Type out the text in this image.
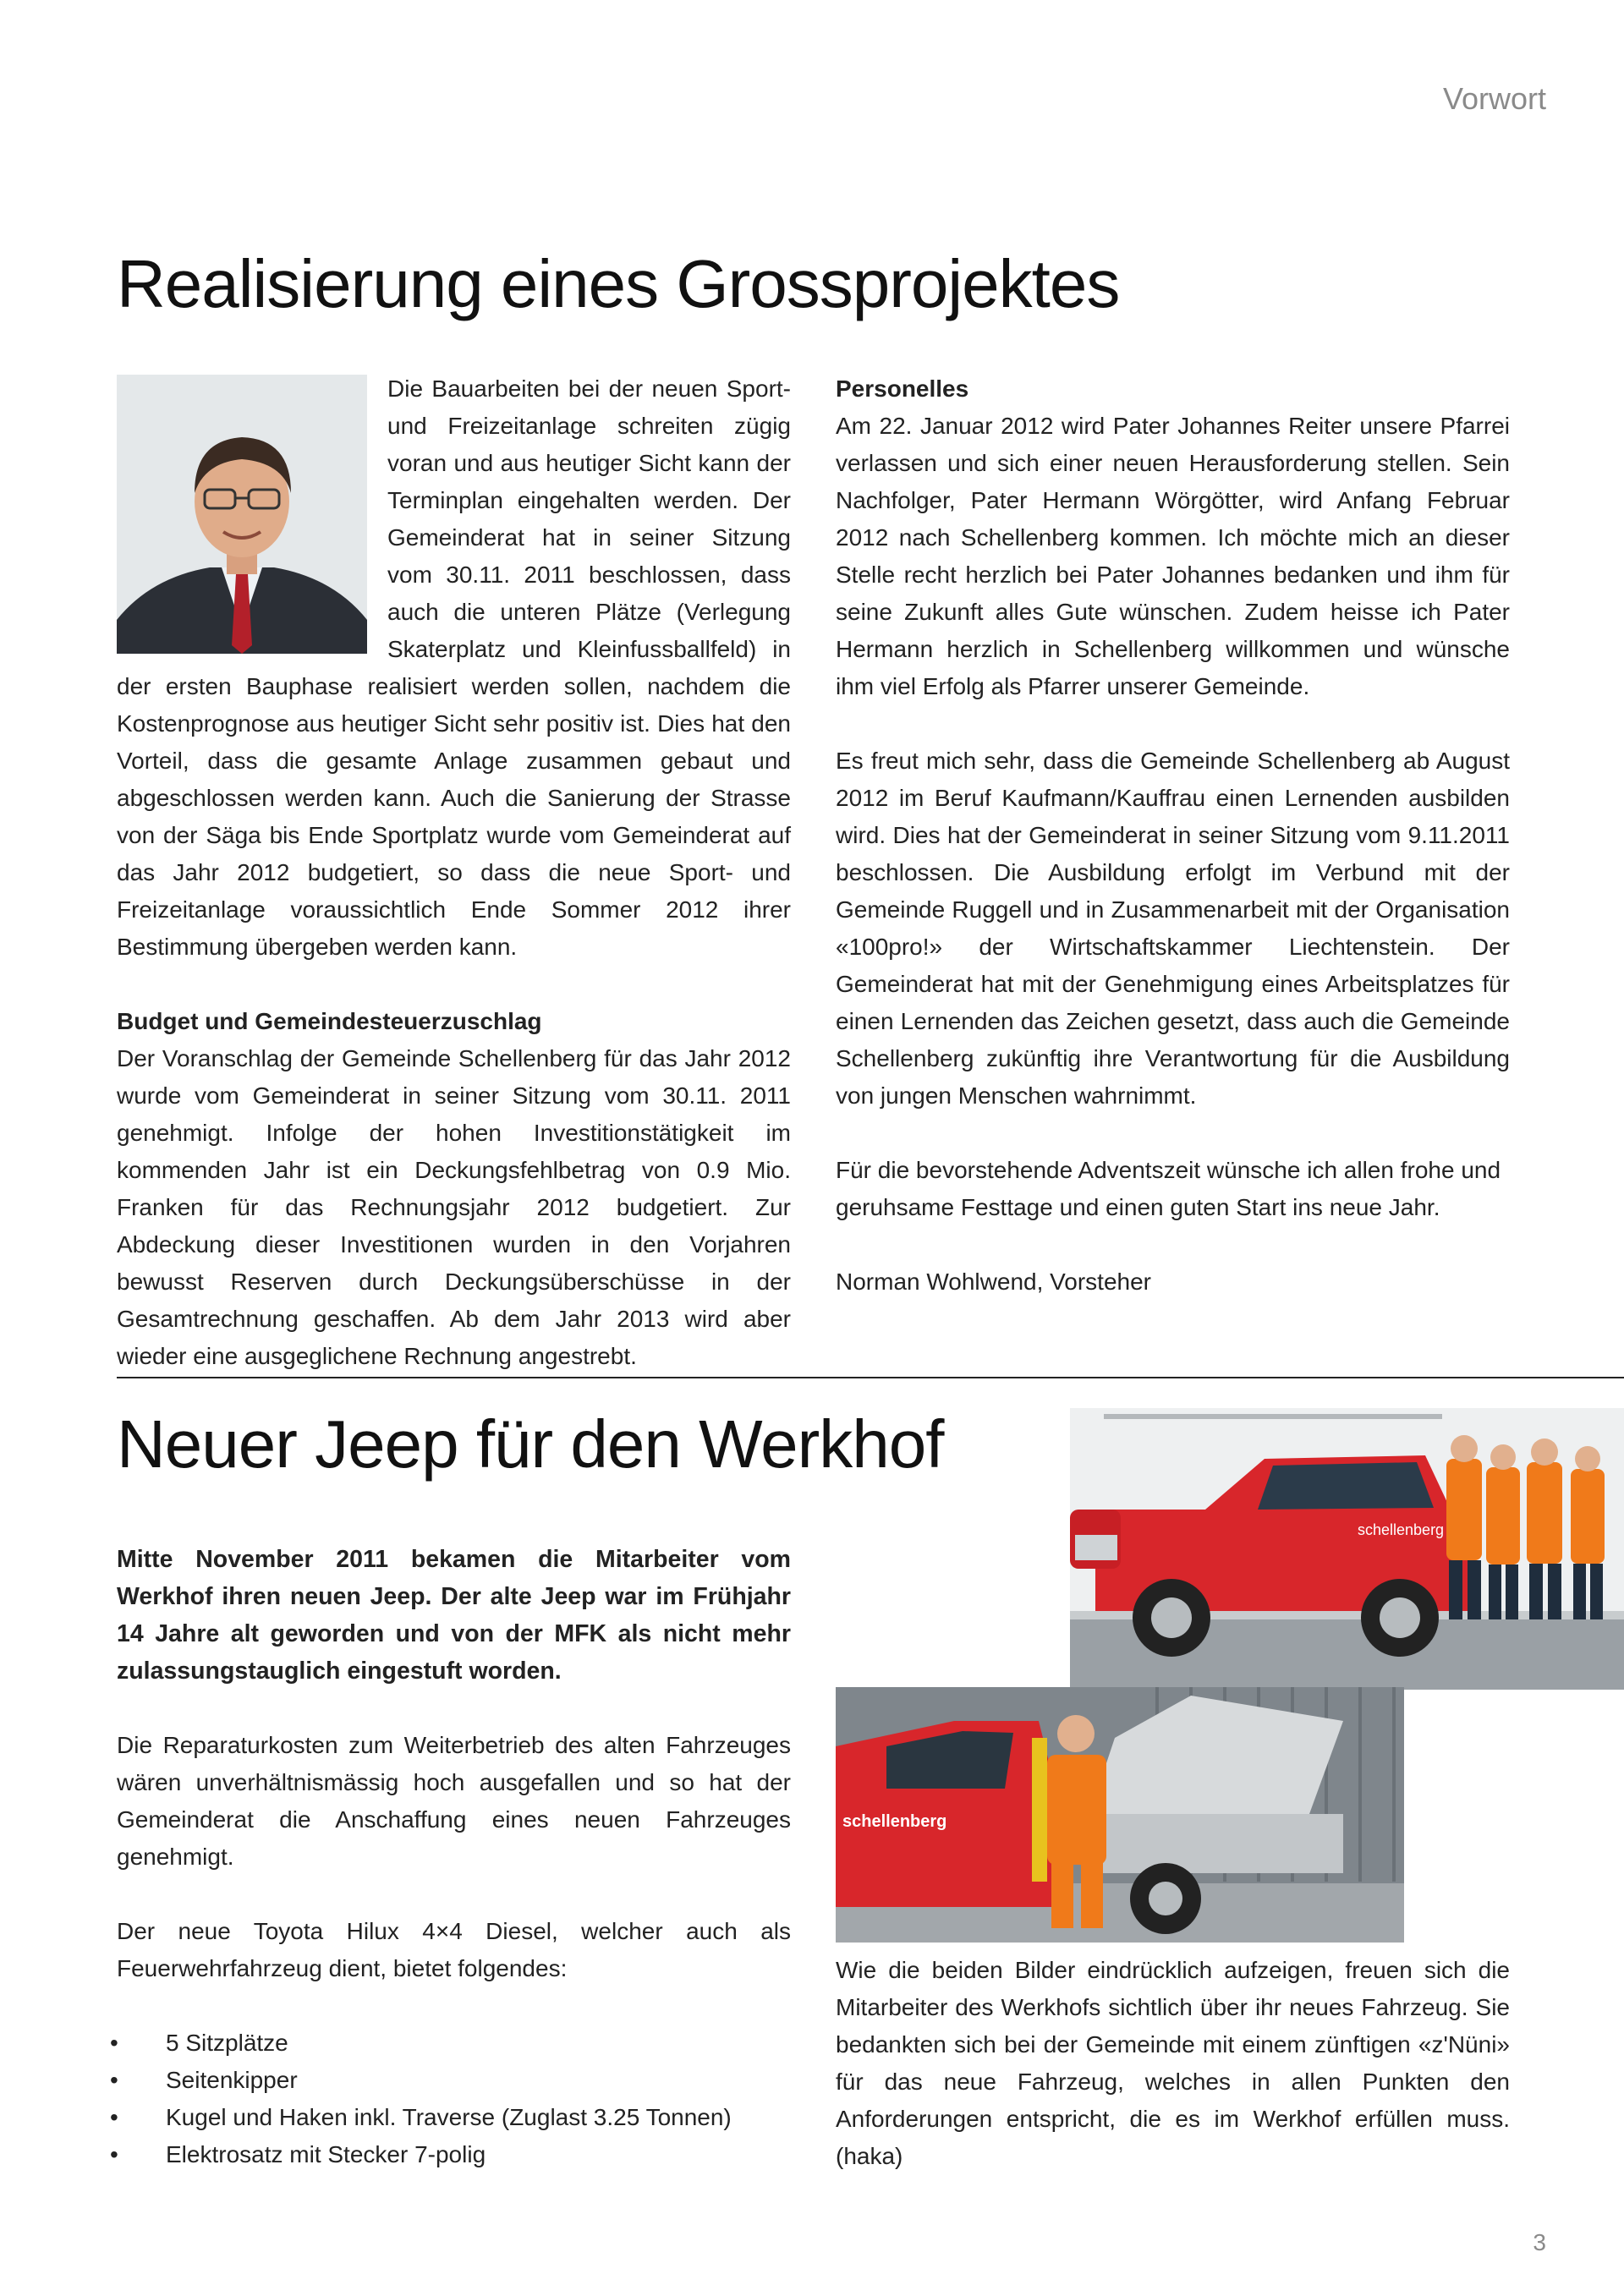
Vorwort
Realisierung eines Grossprojektes

Die Bauarbeiten bei der neuen Sport- und Freizeitanlage schreiten zügig voran und aus heutiger Sicht kann der Terminplan eingehalten werden. Der Gemeinderat hat in seiner Sitzung vom 30.11. 2011 beschlossen, dass auch die unteren Plätze (Verlegung Skaterplatz und Kleinfussballfeld) in der ersten Bauphase realisiert werden sollen, nachdem die Kostenprognose aus heutiger Sicht sehr positiv ist. Dies hat den Vorteil, dass die gesamte Anlage zusammen gebaut und abgeschlossen werden kann. Auch die Sanierung der Strasse von der Säga bis Ende Sportplatz wurde vom Gemeinderat auf das Jahr 2012 budgetiert, so dass die neue Sport- und Freizeitanlage voraussichtlich Ende Sommer 2012 ihrer Bestimmung übergeben werden kann.

Budget und Gemeindesteuerzuschlag

Der Voranschlag der Gemeinde Schellenberg für das Jahr 2012 wurde vom Gemeinderat in seiner Sitzung vom 30.11. 2011 genehmigt. Infolge der hohen Investitionstätigkeit im kommenden Jahr ist ein Deckungsfehlbetrag von 0.9 Mio. Franken für das Rechnungsjahr 2012 budgetiert. Zur Abdeckung dieser Investitionen wurden in den Vorjahren bewusst Reserven durch Deckungsüberschüsse in der Gesamtrechnung geschaffen. Ab dem Jahr 2013 wird aber wieder eine ausgeglichene Rechnung angestrebt.

Personelles

Am 22. Januar 2012 wird Pater Johannes Reiter unsere Pfarrei verlassen und sich einer neuen Herausforderung stellen. Sein Nachfolger, Pater Hermann Wörgötter, wird Anfang Februar 2012 nach Schellenberg kommen. Ich möchte mich an dieser Stelle recht herzlich bei Pater Johannes bedanken und ihm für seine Zukunft alles Gute wünschen. Zudem heisse ich Pater Hermann herzlich in Schellenberg willkommen und wünsche ihm viel Erfolg als Pfarrer unserer Gemeinde.

Es freut mich sehr, dass die Gemeinde Schellenberg ab August 2012 im Beruf Kaufmann/Kauffrau einen Lernenden ausbilden wird. Dies hat der Gemeinderat in seiner Sitzung vom 9.11.2011 beschlossen. Die Ausbildung erfolgt im Verbund mit der Gemeinde Ruggell und in Zusammenarbeit mit der Organisation «100pro!» der Wirtschaftskammer Liechtenstein. Der Gemeinderat hat mit der Genehmigung eines Arbeitsplatzes für einen Lernenden das Zeichen gesetzt, dass auch die Gemeinde Schellenberg zukünftig ihre Verantwortung für die Ausbildung von jungen Menschen wahrnimmt.

Für die bevorstehende Adventszeit wünsche ich allen frohe und geruhsame Festtage und einen guten Start ins neue Jahr.

Norman Wohlwend, Vorsteher

Neuer Jeep für den Werkhof

Mitte November 2011 bekamen die Mitarbeiter vom Werkhof ihren neuen Jeep. Der alte Jeep war im Frühjahr 14 Jahre alt geworden und von der MFK als nicht mehr zulassungstauglich eingestuft worden.

Die Reparaturkosten zum Weiterbetrieb des alten Fahrzeuges wären unverhältnismässig hoch ausgefallen und so hat der Gemeinderat die Anschaffung eines neuen Fahrzeuges genehmigt.

Der neue Toyota Hilux 4×4 Diesel, welcher auch als Feuerwehrfahrzeug dient, bietet folgendes:

• 5 Sitzplätze
• Seitenkipper
• Kugel und Haken inkl. Traverse (Zuglast 3.25 Tonnen)
• Elektrosatz mit Stecker 7-polig
schellenberg
schellenberg

Wie die beiden Bilder eindrücklich aufzeigen, freuen sich die Mitarbeiter des Werkhofs sichtlich über ihr neues Fahrzeug. Sie bedankten sich bei der Gemeinde mit einem zünftigen «z'Nüni» für das neue Fahrzeug, welches in allen Punkten den Anforderungen entspricht, die es im Werkhof erfüllen muss. (haka)

3
